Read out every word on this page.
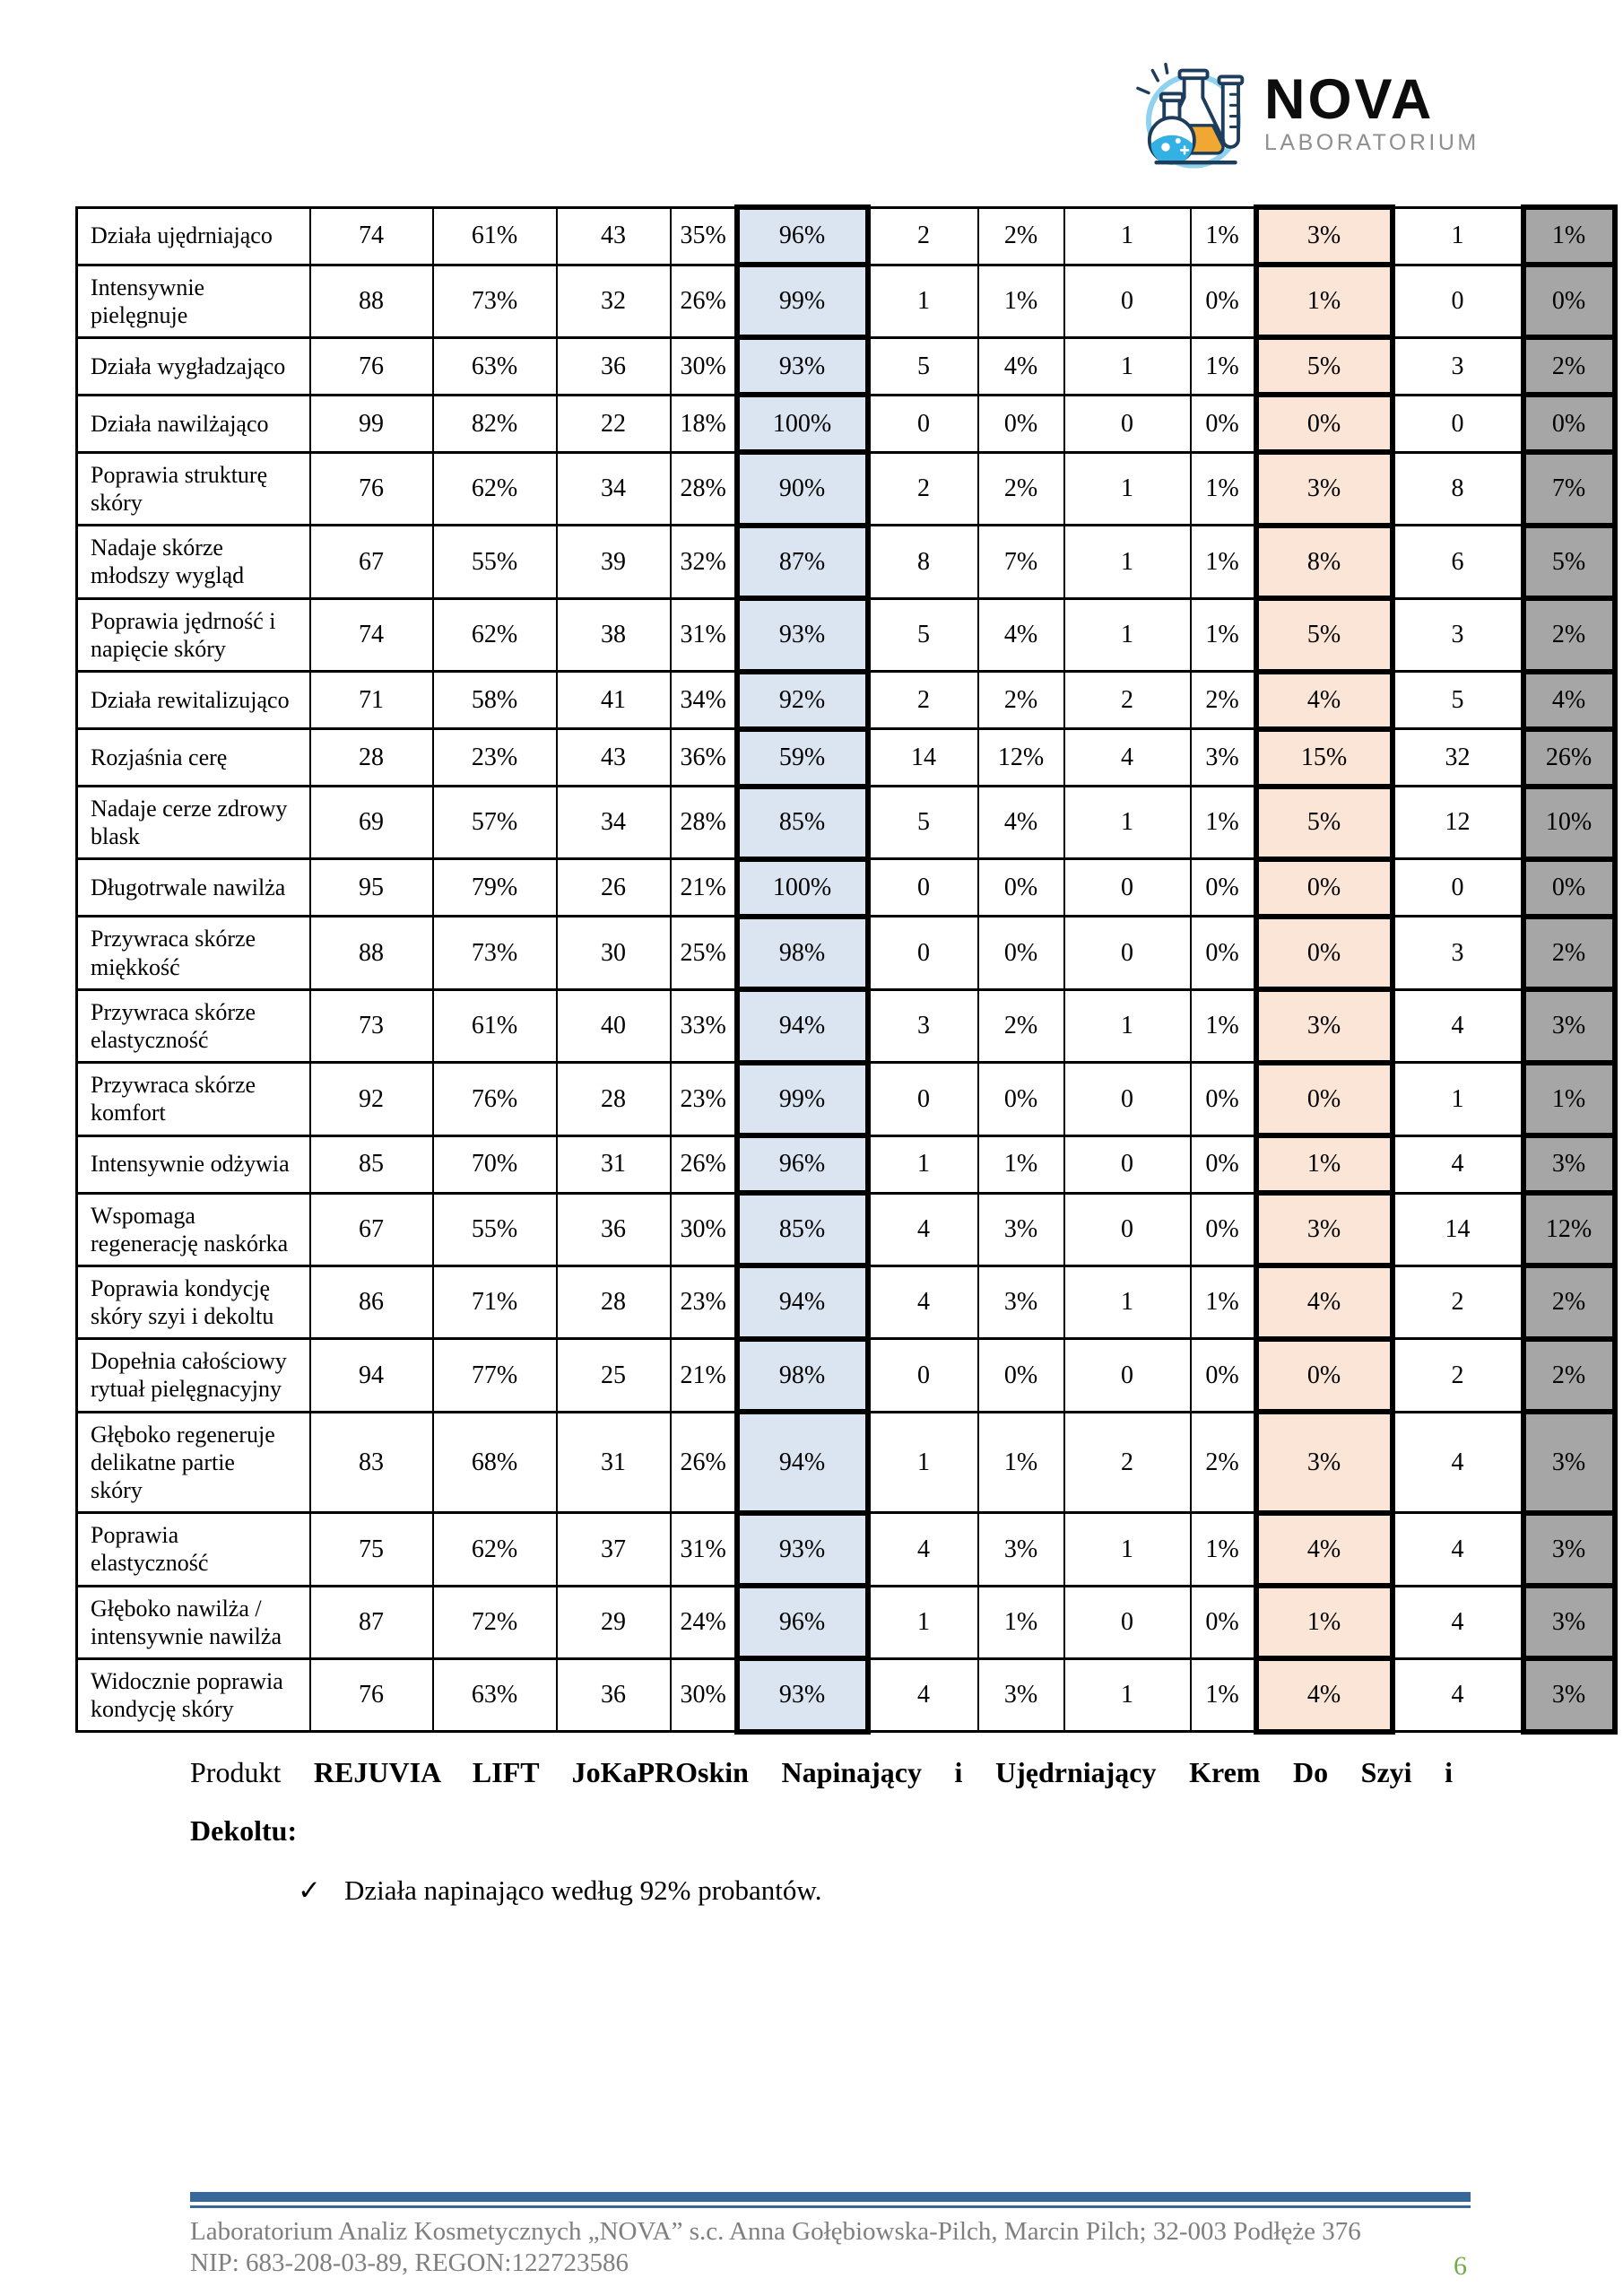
NOVA
LABORATORIUM
Działa ujędrniająco	74	61%	43	35%	96%	2	2%	1	1%	3%	1	1%
Intensywnie pielęgnuje	88	73%	32	26%	99%	1	1%	0	0%	1%	0	0%
Działa wygładzająco	76	63%	36	30%	93%	5	4%	1	1%	5%	3	2%
Działa nawilżająco	99	82%	22	18%	100%	0	0%	0	0%	0%	0	0%
Poprawia strukturę skóry	76	62%	34	28%	90%	2	2%	1	1%	3%	8	7%
Nadaje skórze młodszy wygląd	67	55%	39	32%	87%	8	7%	1	1%	8%	6	5%
Poprawia jędrność i napięcie skóry	74	62%	38	31%	93%	5	4%	1	1%	5%	3	2%
Działa rewitalizująco	71	58%	41	34%	92%	2	2%	2	2%	4%	5	4%
Rozjaśnia cerę	28	23%	43	36%	59%	14	12%	4	3%	15%	32	26%
Nadaje cerze zdrowy blask	69	57%	34	28%	85%	5	4%	1	1%	5%	12	10%
Długotrwale nawilża	95	79%	26	21%	100%	0	0%	0	0%	0%	0	0%
Przywraca skórze miękkość	88	73%	30	25%	98%	0	0%	0	0%	0%	3	2%
Przywraca skórze elastyczność	73	61%	40	33%	94%	3	2%	1	1%	3%	4	3%
Przywraca skórze komfort	92	76%	28	23%	99%	0	0%	0	0%	0%	1	1%
Intensywnie odżywia	85	70%	31	26%	96%	1	1%	0	0%	1%	4	3%
Wspomaga regenerację naskórka	67	55%	36	30%	85%	4	3%	0	0%	3%	14	12%
Poprawia kondycję skóry szyi i dekoltu	86	71%	28	23%	94%	4	3%	1	1%	4%	2	2%
Dopełnia całościowy rytuał pielęgnacyjny	94	77%	25	21%	98%	0	0%	0	0%	0%	2	2%
Głęboko regeneruje delikatne partie skóry	83	68%	31	26%	94%	1	1%	2	2%	3%	4	3%
Poprawia elastyczność	75	62%	37	31%	93%	4	3%	1	1%	4%	4	3%
Głęboko nawilża / intensywnie nawilża	87	72%	29	24%	96%	1	1%	0	0%	1%	4	3%
Widocznie poprawia kondycję skóry	76	63%	36	30%	93%	4	3%	1	1%	4%	4	3%
Produkt REJUVIA LIFT JoKaPROskin Napinający i Ujędrniający Krem Do Szyi i
Dekoltu:
✓ Działa napinająco według 92% probantów.
Laboratorium Analiz Kosmetycznych „NOVA” s.c. Anna Gołębiowska-Pilch, Marcin Pilch; 32-003 Podłęże 376
NIP: 683-208-03-89, REGON:122723586	6
